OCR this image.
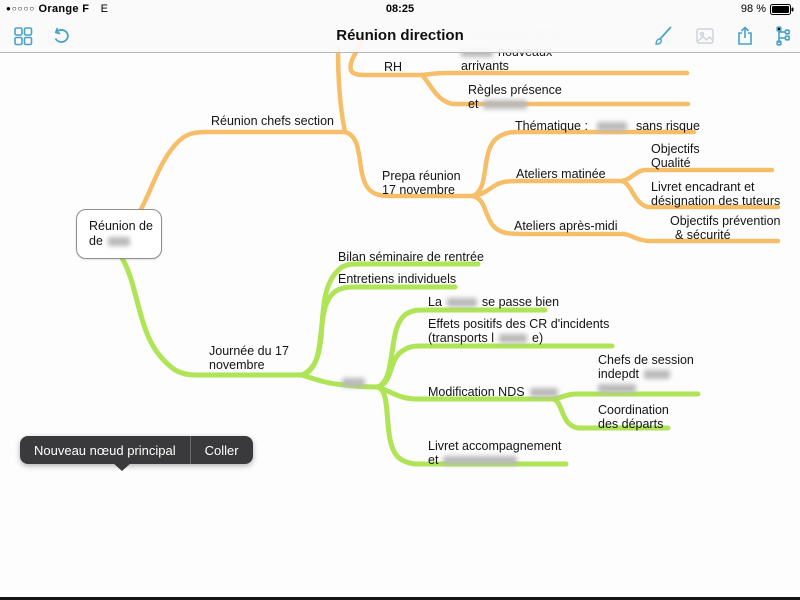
Réunion de
de
Réunion chefs section
RH	arrivants
Règles présence
et
Thématique :	sans risque
Ateliers matinée
Objectifs
Qualité
Livret encadrant et
désignation des tuteurs
Ateliers après-midi	Objectifs prévention
& sécurité
Prepa réunion
17 novembre
Journée du 17
novembre
Bilan séminaire de rentrée
Entretiens individuels
La	se passe bien
Effets positifs des CR d'incidents
(transports l	e)
Modification NDS
Chefs de session
indepdt
Coordination
des départs
Livret accompagnement
et
●○○○○ Orange F E	08:25	98 %
Réunion direction
Nouveau nœud principal	Coller
